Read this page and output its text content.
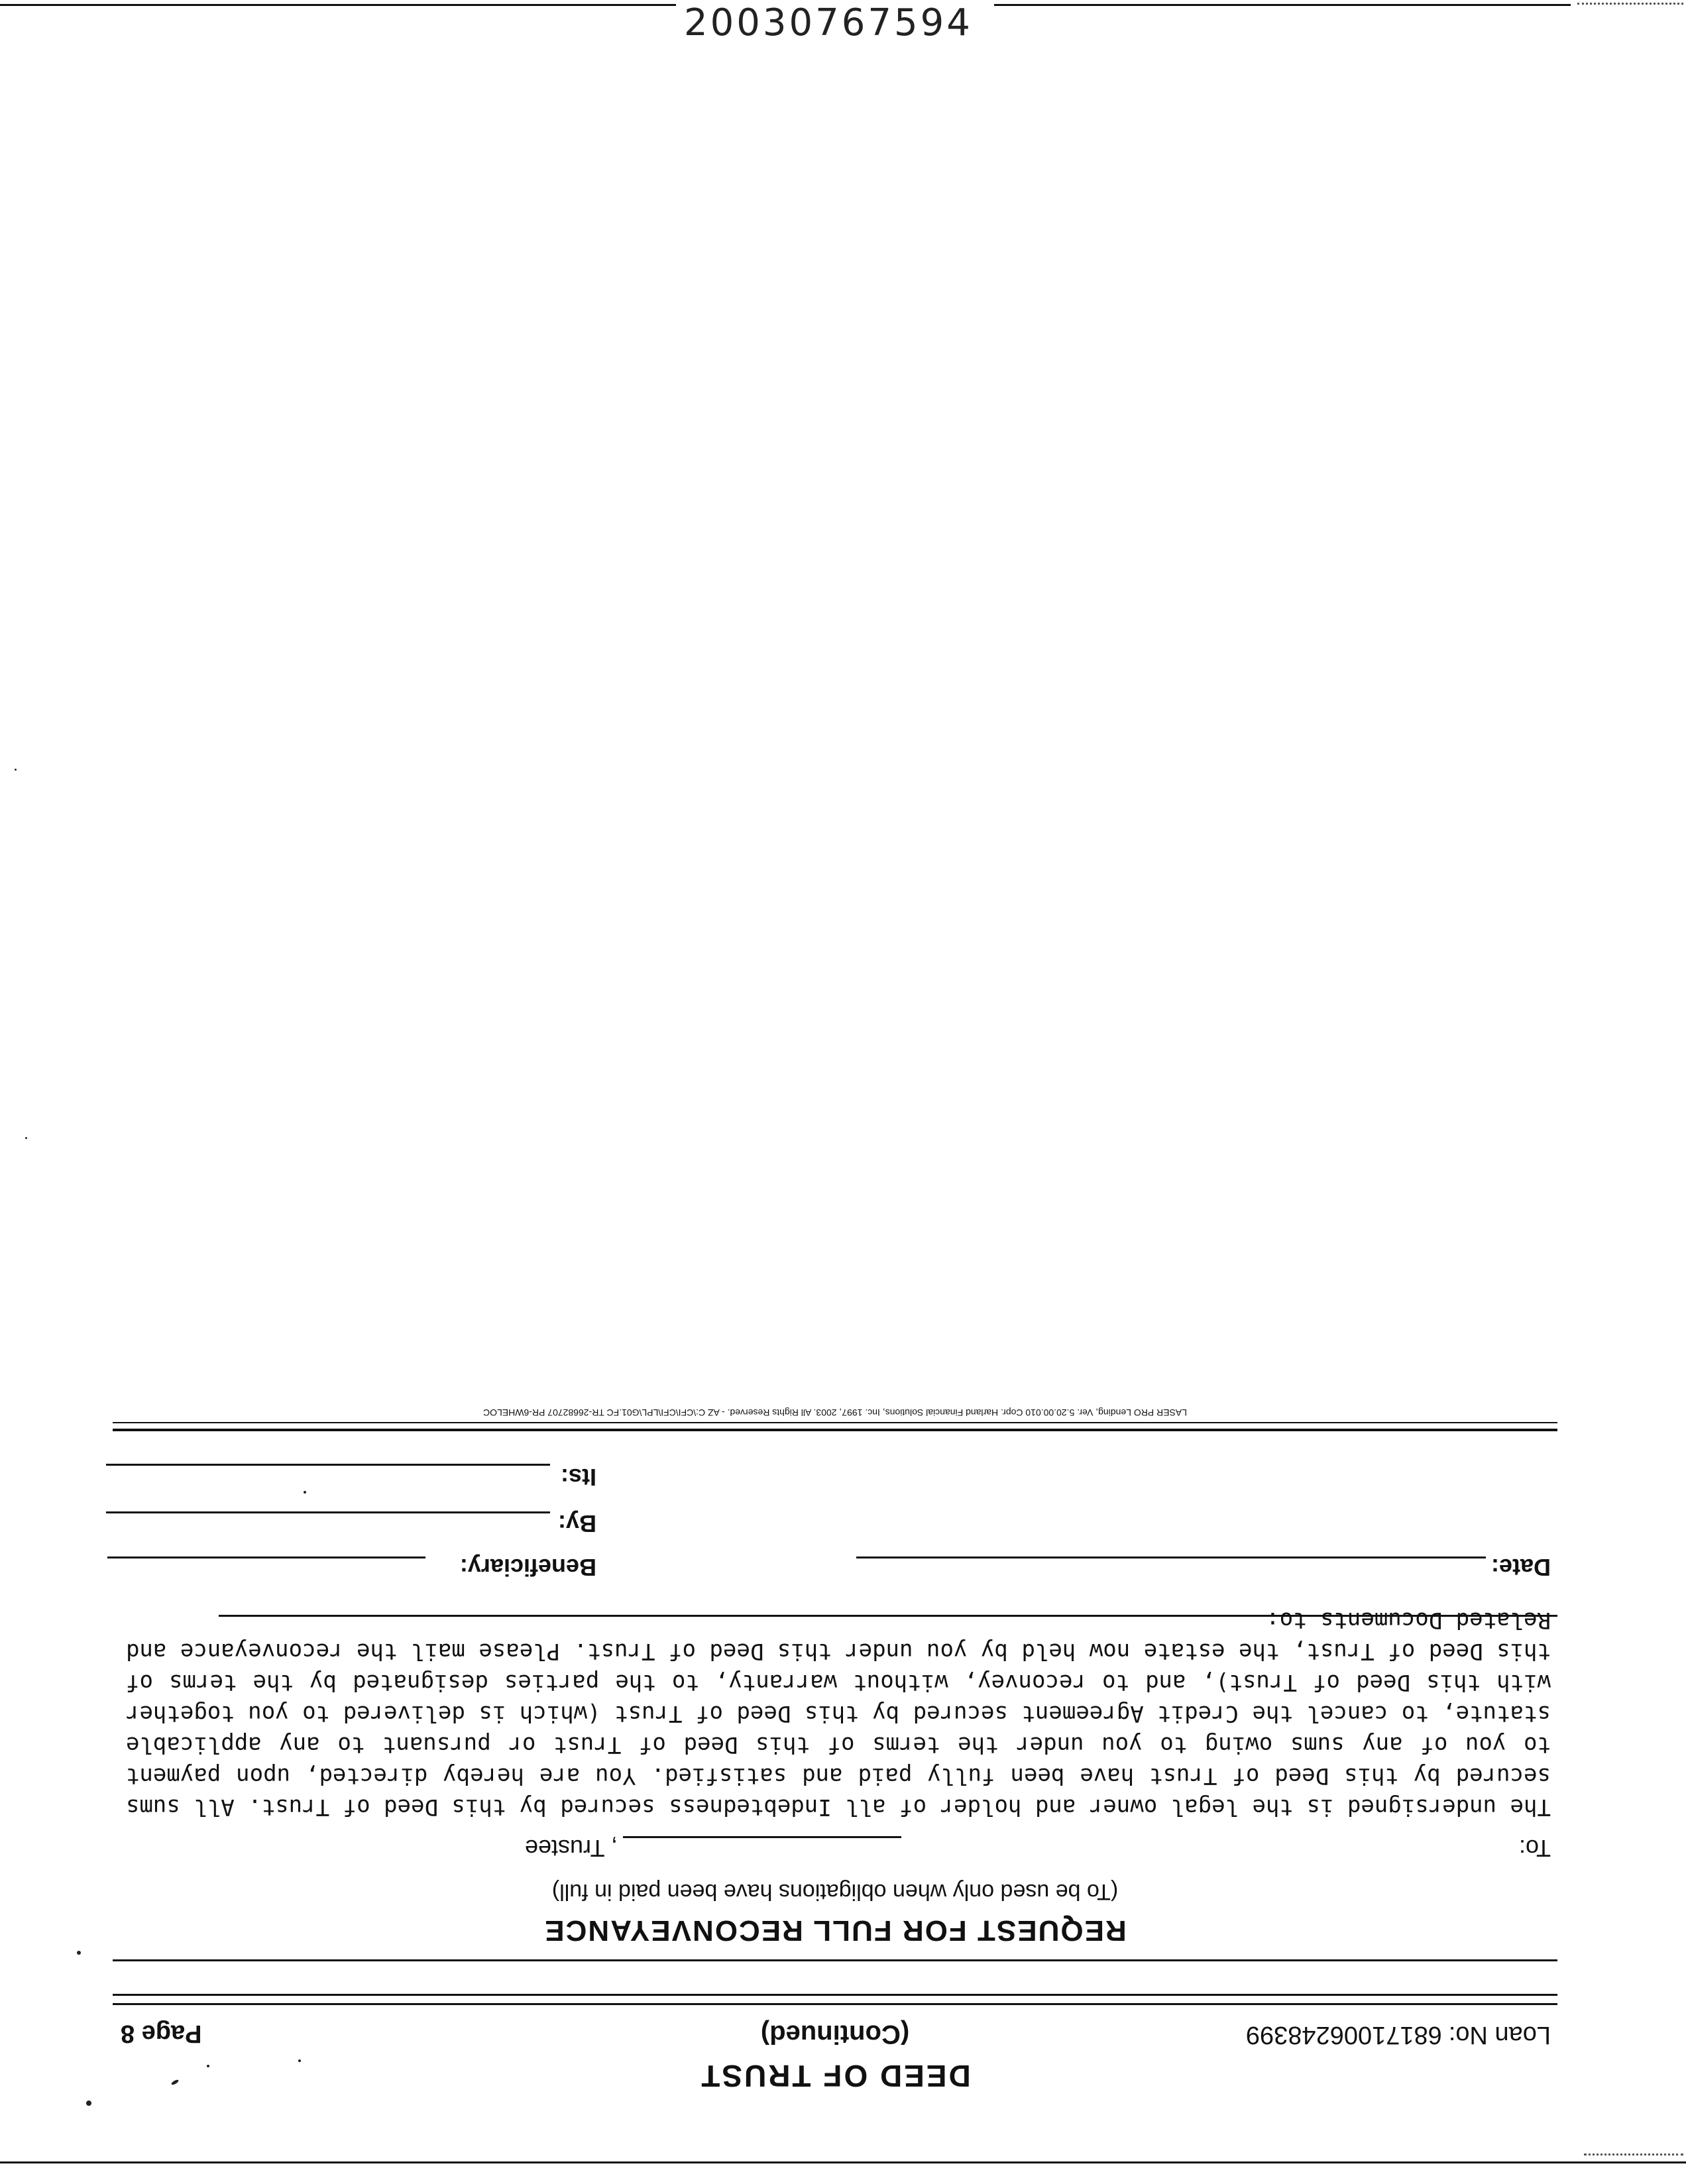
20030767594
DEED OF TRUST
Loan No:6817100624839​9
(Continued)
Page 8
REQUEST FOR FULL RECONVEYANCE
(To be used only when obligations have been paid in full)
To:
, Trustee
The undersigned is the legal owner and holder of all Indebtedness secured by this Deed of Trust. All sums secured by this Deed of Trust have been fully paid and satisfied. You are hereby directed, upon payment to you of any sums owing to you under the terms of this Deed of Trust or pursuant to any applicable statute, to cancel the Credit Agreement secured by this Deed of Trust (which is delivered to you together with this Deed of Trust), and to reconvey, without warranty, to the parties designated by the terms of this Deed of Trust, the estate now held by you under this Deed of Trust. Please mail the reconveyance and Related Documents to:
Date:
Beneficiary:
By:
Its:
LASER PRO Lending, Ver. 5.20.00.010 Copr. Harland Financial Solutions, Inc. 1997, 2003. All Rights Reserved. - AZ C:\CFI\CFI\LPL\G01.FC TR-26682707 PR-6WHELOC
